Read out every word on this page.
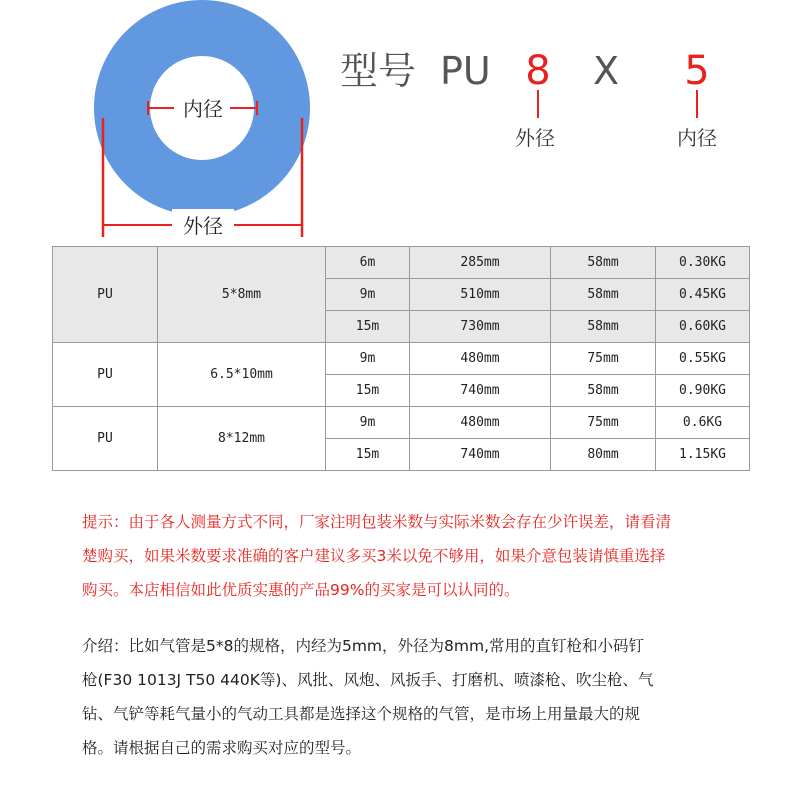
内径
外径
型号 PU 8 X 5
外径	内径
PU	5*8mm	6m	285mm	58mm	0.30KG
		9m	510mm	58mm	0.45KG
		15m	730mm	58mm	0.60KG
PU	6.5*10mm	9m	480mm	75mm	0.55KG
		15m	740mm	58mm	0.90KG
PU	8*12mm	9m	480mm	75mm	0.6KG
		15m	740mm	80mm	1.15KG

提示：由于各人测量方式不同，厂家注明包装米数与实际米数会存在少许误差，请看清

楚购买，如果米数要求准确的客户建议多买3米以免不够用，如果介意包装请慎重选择

购买。本店相信如此优质实惠的产品99%的买家是可以认同的。

介绍：比如气管是5*8的规格，内经为5mm，外径为8mm,常用的直钉枪和小码钉

枪(F30 1013J T50 440K等)、风批、风炮、风扳手、打磨机、喷漆枪、吹尘枪、气

钻、气铲等耗气量小的气动工具都是选择这个规格的气管，是市场上用量最大的规

格。请根据自己的需求购买对应的型号。
